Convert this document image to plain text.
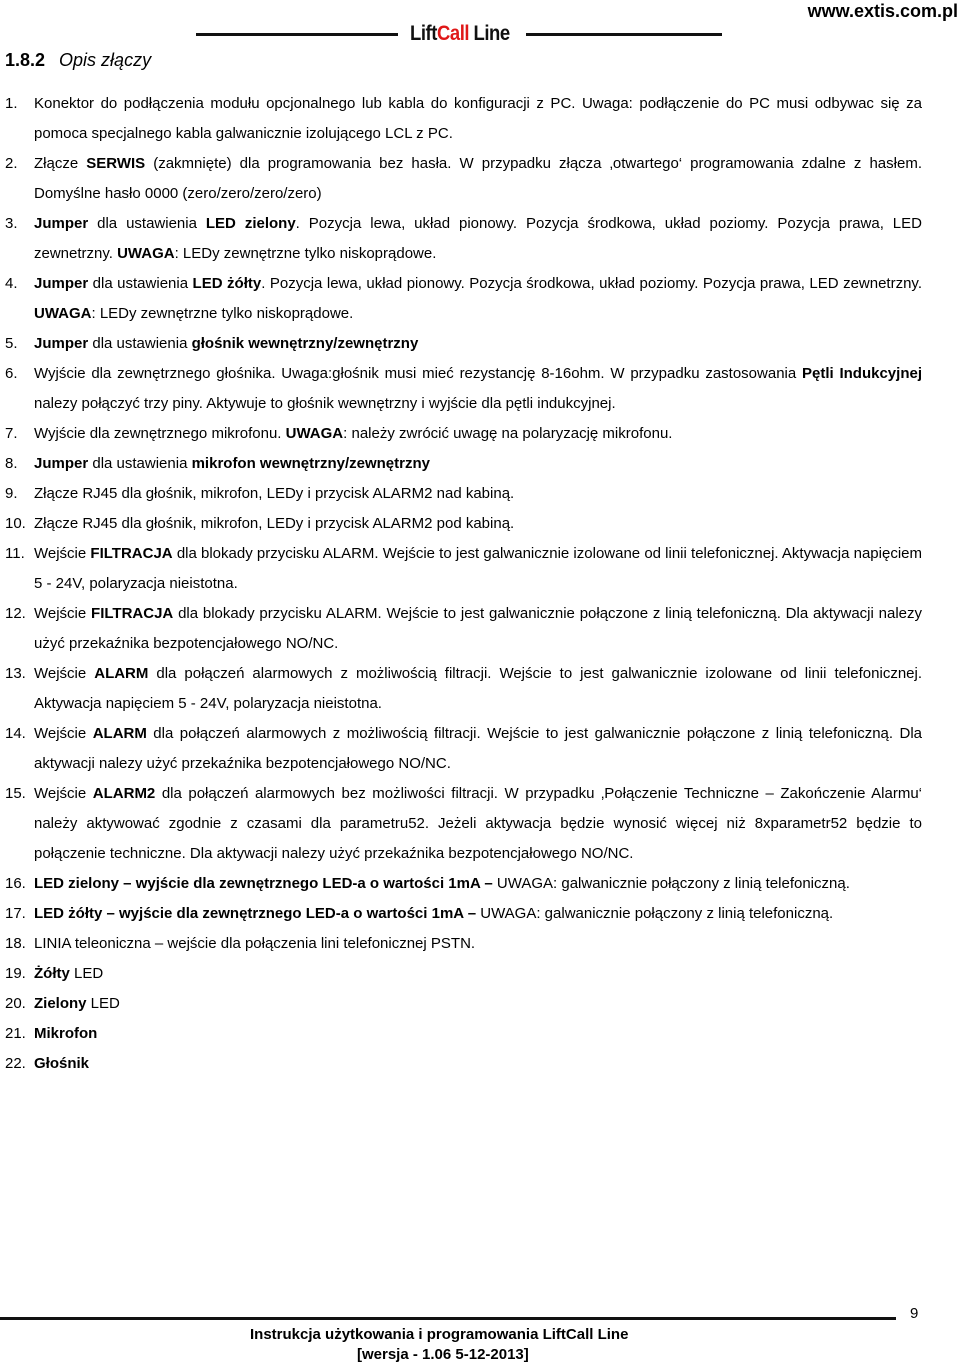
LiftCall Line
www.extis.com.pl
1.8.2 Opis złączy
1. Konektor do podłączenia modułu opcjonalnego lub kabla do konfiguracji z PC. Uwaga: podłączenie do PC musi odbywac się za pomoca specjalnego kabla galwanicznie izolującego LCL z PC.
2. Złącze SERWIS (zakmnięte) dla programowania bez hasła. W przypadku złącza ‚otwartego‘ programowania zdalne z hasłem. Domyślne hasło 0000 (zero/zero/zero/zero)
3. Jumper dla ustawienia LED zielony. Pozycja lewa, układ pionowy. Pozycja środkowa, układ poziomy. Pozycja prawa, LED zewnetrzny. UWAGA: LEDy zewnętrzne tylko niskoprądowe.
4. Jumper dla ustawienia LED żółty. Pozycja lewa, układ pionowy. Pozycja środkowa, układ poziomy. Pozycja prawa, LED zewnetrzny. UWAGA: LEDy zewnętrzne tylko niskoprądowe.
5. Jumper dla ustawienia głośnik wewnętrzny/zewnętrzny
6. Wyjście dla zewnętrznego głośnika. Uwaga:głośnik musi mieć rezystancję 8-16ohm. W przypadku zastosowania Pętli Indukcyjnej nalezy połączyć trzy piny. Aktywuje to głośnik wewnętrzny i wyjście dla pętli indukcyjnej.
7. Wyjście dla zewnętrznego mikrofonu. UWAGA: należy zwrócić uwagę na polaryzację mikrofonu.
8. Jumper dla ustawienia mikrofon wewnętrzny/zewnętrzny
9. Złącze RJ45 dla głośnik, mikrofon, LEDy i przycisk ALARM2 nad kabiną.
10. Złącze RJ45 dla głośnik, mikrofon, LEDy i przycisk ALARM2 pod kabiną.
11. Wejście FILTRACJA dla blokady przycisku ALARM. Wejście to jest galwanicznie izolowane od linii telefonicznej. Aktywacja napięciem 5 - 24V, polaryzacja nieistotna.
12. Wejście FILTRACJA dla blokady przycisku ALARM. Wejście to jest galwanicznie połączone z linią telefoniczną. Dla aktywacji nalezy użyć przekaźnika bezpotencjałowego NO/NC.
13. Wejście ALARM dla połączeń alarmowych z możliwością filtracji. Wejście to jest galwanicznie izolowane od linii telefonicznej. Aktywacja napięciem 5 - 24V, polaryzacja nieistotna.
14. Wejście ALARM dla połączeń alarmowych z możliwością filtracji. Wejście to jest galwanicznie połączone z linią telefoniczną. Dla aktywacji nalezy użyć przekaźnika bezpotencjałowego NO/NC.
15. Wejście ALARM2 dla połączeń alarmowych bez możliwości filtracji. W przypadku ‚Połączenie Techniczne – Zakończenie Alarmu‘ należy aktywować zgodnie z czasami dla parametru52. Jeżeli aktywacja będzie wynosić więcej niż 8xparametr52 będzie to połączenie techniczne. Dla aktywacji nalezy użyć przekaźnika bezpotencjałowego NO/NC.
16. LED zielony – wyjście dla zewnętrznego LED-a o wartości 1mA – UWAGA: galwanicznie połączony z linią telefoniczną.
17. LED żółty – wyjście dla zewnętrznego LED-a o wartości 1mA – UWAGA: galwanicznie połączony z linią telefoniczną.
18. LINIA teleoniczna – wejście dla połączenia lini telefonicznej PSTN.
19. Żółty LED
20. Zielony LED
21. Mikrofon
22. Głośnik
9
Instrukcja użytkowania i programowania LiftCall Line
[wersja - 1.06 5-12-2013]
